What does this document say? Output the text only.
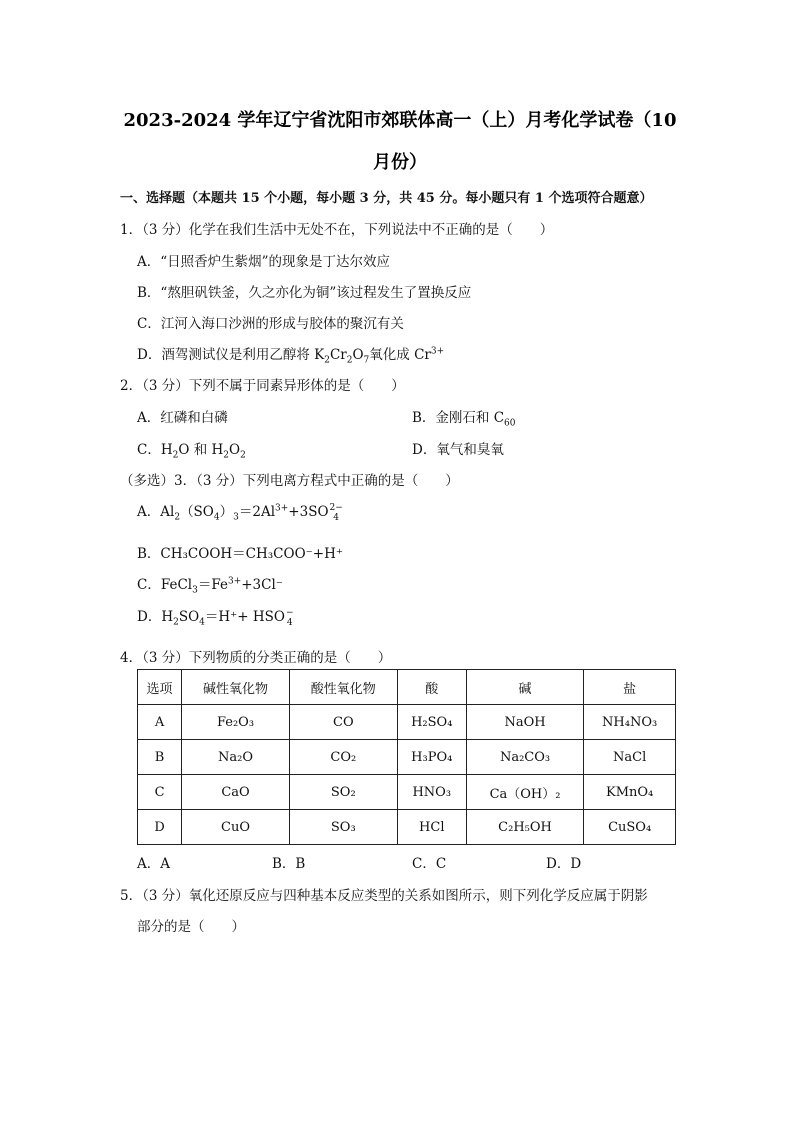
2023-2024 学年辽宁省沈阳市郊联体高一（上）月考化学试卷（10
月份）
一、选择题（本题共 15 个小题，每小题 3 分，共 45 分。每小题只有 1 个选项符合题意）
1．（3 分）化学在我们生活中无处不在，下列说法中不正确的是（　　）
A．“日照香炉生紫烟”的现象是丁达尔效应
B．“熬胆矾铁釜，久之亦化为铜”该过程发生了置换反应
C．江河入海口沙洲的形成与胶体的聚沉有关
D．酒驾测试仪是利用乙醇将 $K_2Cr_2O_7$氧化成 $Cr^{3+}$
2．（3 分）下列不属于同素异形体的是（　　）
A．红磷和白磷	B．金刚石和 $C_{60}$
C．$H_2O$ 和 $H_2O_2$	D．氧气和臭氧
（多选）3．（3 分）下列电离方程式中正确的是（　　）
A．$Al_2(SO_4)_3=2Al^{3+}+3SO$ 2−
4
B．CH₃COOH＝CH₃COO⁻+H⁺
C．$FeCl_3=Fe^{3+}+3Cl^-$
D．$H_2SO_4=H^++$ HSO −
4
4．（3 分）下列物质的分类正确的是（　　）
选项	碱性氧化物	酸性氧化物	酸	碱	盐
A	Fe₂O₃	CO	H₂SO₄	NaOH	NH₄NO₃
B	Na₂O	CO₂	H₃PO₄	Na₂CO₃	NaCl
C	CaO	SO₂	HNO₃	Ca（OH）₂	KMnO₄
D	CuO	SO₃	HCl	C₂H₅OH	CuSO₄
A．A	B．B	C．C	D．D
5．（3 分）氧化还原反应与四种基本反应类型的关系如图所示，则下列化学反应属于阴影
部分的是（　　）
